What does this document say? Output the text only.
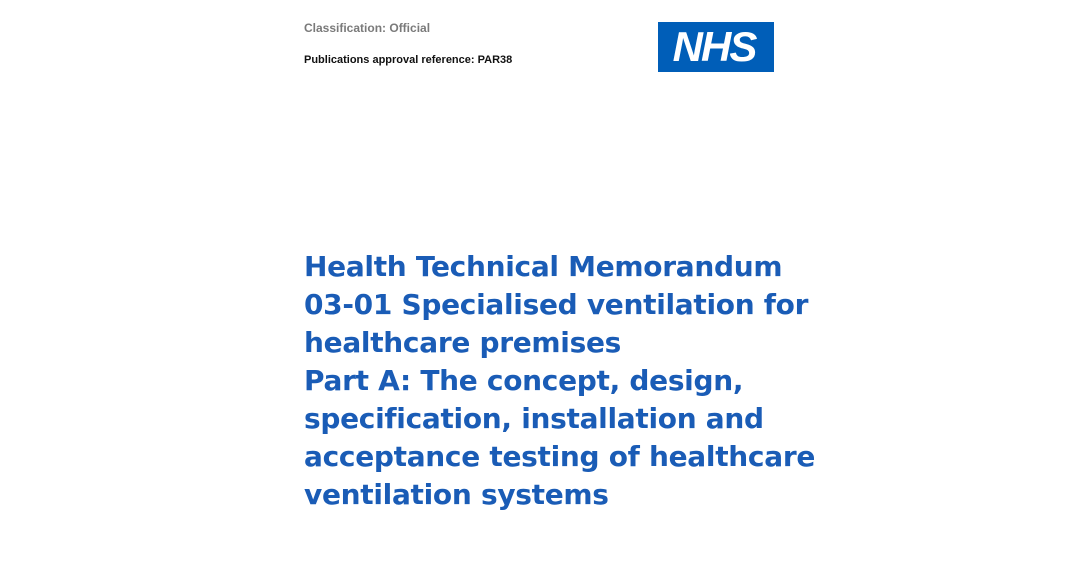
Classification: Official

Publications approval reference: PAR38	NHS

Health Technical Memorandum

03-01 Specialised ventilation for

healthcare premises

Part A: The concept, design,

specification, installation and

acceptance testing of healthcare

ventilation systems
